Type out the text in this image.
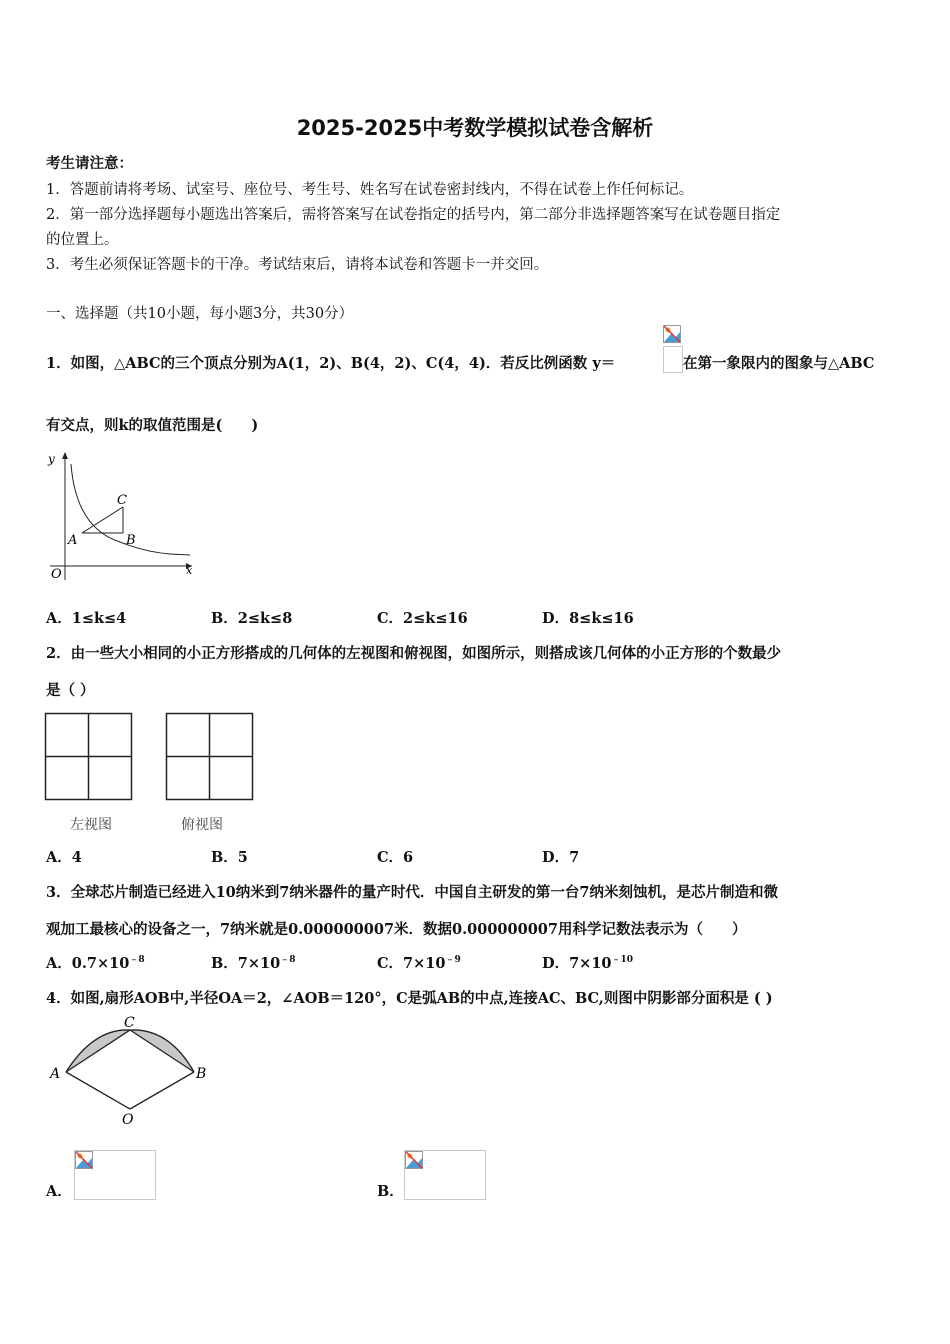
2025-2025中考数学模拟试卷含解析
考生请注意：
1．答题前请将考场、试室号、座位号、考生号、姓名写在试卷密封线内，不得在试卷上作任何标记。
2．第一部分选择题每小题选出答案后，需将答案写在试卷指定的括号内，第二部分非选择题答案写在试卷题目指定
的位置上。
3．考生必须保证答题卡的干净。考试结束后，请将本试卷和答题卡一并交回。
一、选择题（共10小题，每小题3分，共30分）
1．如图，△ABC的三个顶点分别为A(1，2)、B(4，2)、C(4，4)．若反比例函数 y＝	在第一象限内的图象与△ABC
有交点，则k的取值范围是(　　)
y
x
O
A	B
C
A．1≤k≤4	B．2≤k≤8	C．2≤k≤16	D．8≤k≤16
2．由一些大小相同的小正方形搭成的几何体的左视图和俯视图，如图所示，则搭成该几何体的小正方形的个数最少
是（ ）
左视图	俯视图
A．4	B．5	C．6	D．7
3．全球芯片制造已经进入10纳米到7纳米器件的量产时代．中国自主研发的第一台7纳米刻蚀机，是芯片制造和微
观加工最核心的设备之一，7纳米就是0.000000007米．数据0.000000007用科学记数法表示为（　　）
A．$0.7\times 10^{﹣8}$	B．$7\times 10^{﹣8}$	C．$7\times 10^{﹣9}$	D．$7\times 10^{﹣10}$
4．如图,扇形AOB中,半径OA＝2，∠AOB＝120°，C是弧AB的中点,连接AC、BC,则图中阴影部分面积是 ( )
A	B
C
O
A．	B．
